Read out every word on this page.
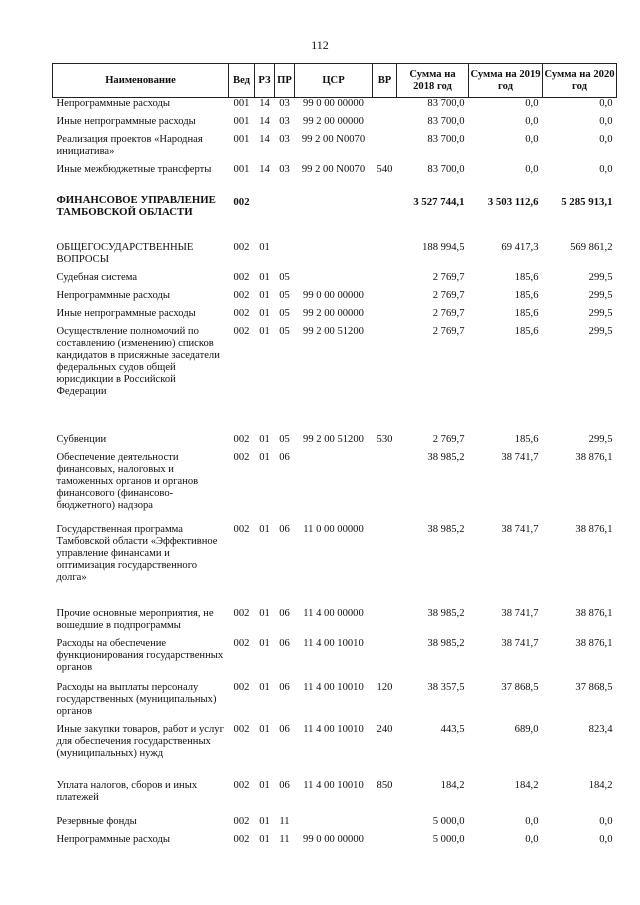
112
Наименование	Вед	РЗ	ПР	ЦСР	ВР	Сумма на 2018 год	Сумма на 2019 год	Сумма на 2020 год
Непрограммные расходы	001	14	03	99 0 00 00000		83 700,0	0,0	0,0
Иные непрограммные расходы	001	14	03	99 2 00 00000		83 700,0	0,0	0,0
Реализация проектов «Народная инициатива»	001	14	03	99 2 00 N0070		83 700,0	0,0	0,0
Иные межбюджетные трансферты	001	14	03	99 2 00 N0070	540	83 700,0	0,0	0,0
ФИНАНСОВОЕ УПРАВЛЕНИЕ ТАМБОВСКОЙ ОБЛАСТИ	002					3 527 744,1	3 503 112,6	5 285 913,1
ОБЩЕГОСУДАРСТВЕННЫЕ ВОПРОСЫ	002	01				188 994,5	69 417,3	569 861,2
Судебная система	002	01	05			2 769,7	185,6	299,5
Непрограммные расходы	002	01	05	99 0 00 00000		2 769,7	185,6	299,5
Иные непрограммные расходы	002	01	05	99 2 00 00000		2 769,7	185,6	299,5
Осуществление полномочий по составлению (изменению) списков кандидатов в присяжные заседатели федеральных судов общей юрисдикции в Российской Федерации	002	01	05	99 2 00 51200		2 769,7	185,6	299,5
Субвенции	002	01	05	99 2 00 51200	530	2 769,7	185,6	299,5
Обеспечение деятельности финансовых, налоговых и таможенных органов и органов финансового (финансово-бюджетного) надзора	002	01	06			38 985,2	38 741,7	38 876,1
Государственная программа Тамбовской области «Эффективное управление финансами и оптимизация государственного долга»	002	01	06	11 0 00 00000		38 985,2	38 741,7	38 876,1
Прочие основные мероприятия, не вошедшие в подпрограммы	002	01	06	11 4 00 00000		38 985,2	38 741,7	38 876,1
Расходы на обеспечение функционирования государственных органов	002	01	06	11 4 00 10010		38 985,2	38 741,7	38 876,1
Расходы на выплаты персоналу государственных (муниципальных) органов	002	01	06	11 4 00 10010	120	38 357,5	37 868,5	37 868,5
Иные закупки товаров, работ и услуг для обеспечения государственных (муниципальных) нужд	002	01	06	11 4 00 10010	240	443,5	689,0	823,4
Уплата налогов, сборов и иных платежей	002	01	06	11 4 00 10010	850	184,2	184,2	184,2
Резервные фонды	002	01	11			5 000,0	0,0	0,0
Непрограммные расходы	002	01	11	99 0 00 00000		5 000,0	0,0	0,0
